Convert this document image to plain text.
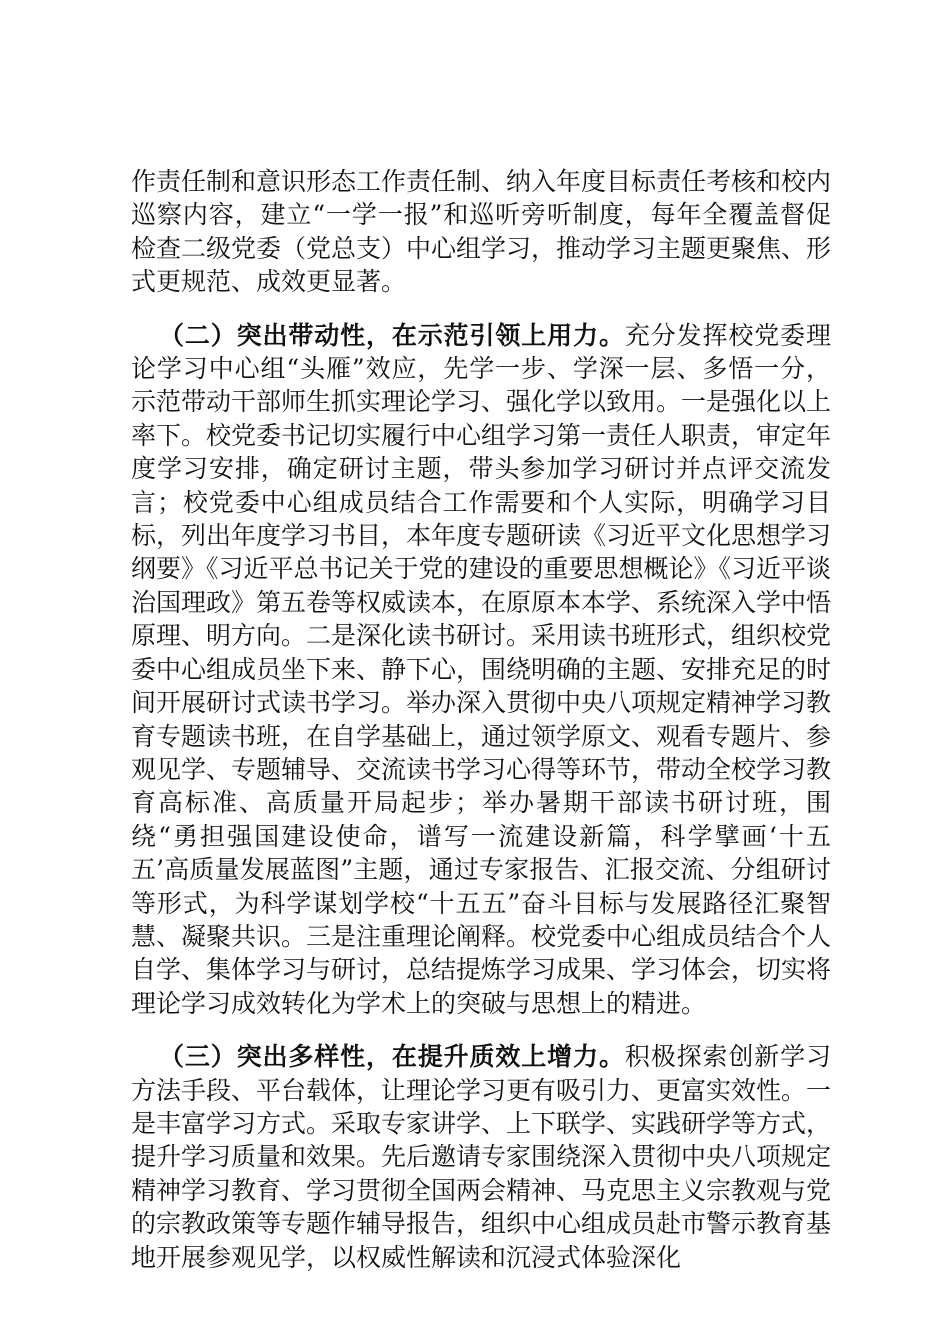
作责任制和意识形态工作责任制、纳入年度目标责任考核和校内巡察内容，建立“一学一报”和巡听旁听制度，每年全覆盖督促检查二级党委（党总支）中心组学习，推动学习主题更聚焦、形式更规范、成效更显著。

（二）突出带动性，在示范引领上用力。充分发挥校党委理论学习中心组“头雁”效应，先学一步、学深一层、多悟一分，示范带动干部师生抓实理论学习、强化学以致用。一是强化以上率下。校党委书记切实履行中心组学习第一责任人职责，审定年度学习安排，确定研讨主题，带头参加学习研讨并点评交流发言；校党委中心组成员结合工作需要和个人实际，明确学习目标，列出年度学习书目，本年度专题研读《习近平文化思想学习纲要》《习近平总书记关于党的建设的重要思想概论》《习近平谈治国理政》第五卷等权威读本，在原原本本学、系统深入学中悟原理、明方向。二是深化读书研讨。采用读书班形式，组织校党委中心组成员坐下来、静下心，围绕明确的主题、安排充足的时间开展研讨式读书学习。举办深入贯彻中央八项规定精神学习教育专题读书班，在自学基础上，通过领学原文、观看专题片、参观见学、专题辅导、交流读书学习心得等环节，带动全校学习教育高标准、高质量开局起步；举办暑期干部读书研讨班，围绕“勇担强国建设使命，谱写一流建设新篇，科学擘画‘十五五’高质量发展蓝图”主题，通过专家报告、汇报交流、分组研讨等形式，为科学谋划学校“十五五”奋斗目标与发展路径汇聚智慧、凝聚共识。三是注重理论阐释。校党委中心组成员结合个人自学、集体学习与研讨，总结提炼学习成果、学习体会，切实将理论学习成效转化为学术上的突破与思想上的精进。

（三）突出多样性，在提升质效上增力。积极探索创新学习方法手段、平台载体，让理论学习更有吸引力、更富实效性。一是丰富学习方式。采取专家讲学、上下联学、实践研学等方式，提升学习质量和效果。先后邀请专家围绕深入贯彻中央八项规定精神学习教育、学习贯彻全国两会精神、马克思主义宗教观与党的宗教政策等专题作辅导报告，组织中心组成员赴市警示教育基地开展参观见学，以权威性解读和沉浸式体验深化
